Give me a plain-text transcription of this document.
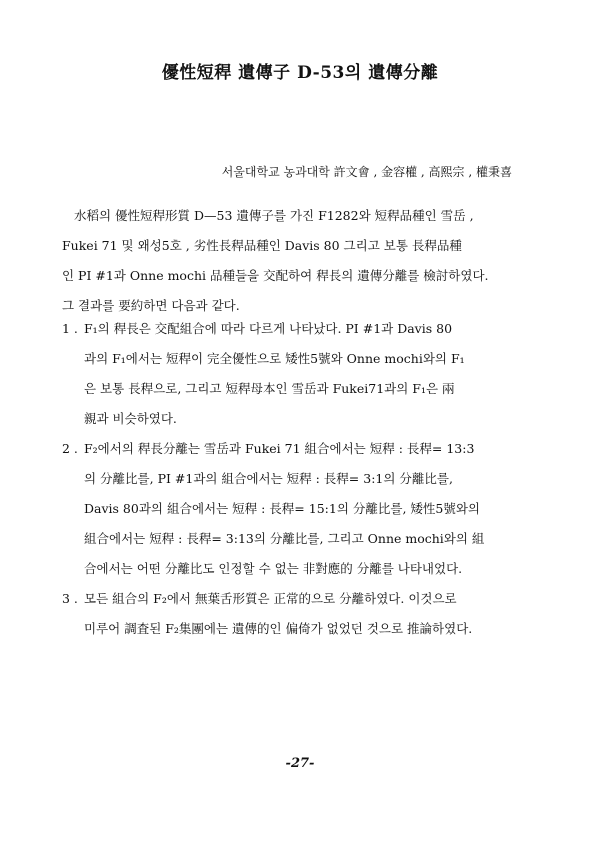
優性短稈 遺傳子 D-53의 遺傳分離
서울대학교 농과대학 許文會 , 金容權 , 高熙宗 , 權秉喜
水稻의 優性短稈形質 D—53 遺傳子를 가진 F1282와 短稈品種인 雪岳 ,
Fukei 71 및 왜성5호 , 劣性長稈品種인 Davis 80 그리고 보통 長稈品種
인 PI #1과 Onne mochi 品種들을 交配하여 稈長의 遺傳分離를 檢討하였다.
그 결과를 要約하면 다음과 같다.
1 . F₁의 稈長은 交配組合에 따라 다르게 나타났다. PI #1과 Davis 80
과의 F₁에서는 短稈이 完全優性으로 矮性5號와 Onne mochi와의 F₁
은 보통 長稈으로, 그리고 短稈母本인 雪岳과 Fukei71과의 F₁은 兩
親과 비슷하였다.
2 . F₂에서의 稈長分離는 雪岳과 Fukei 71 組合에서는 短稈 : 長稈= 13:3
의 分離比를, PI #1과의 組合에서는 短稈 : 長稈= 3:1의 分離比를,
Davis 80과의 組合에서는 短稈 : 長稈= 15:1의 分離比를, 矮性5號와의
組合에서는 短稈 : 長稈= 3:13의 分離比를, 그리고 Onne mochi와의 組
合에서는 어떤 分離比도 인정할 수 없는 非對應的 分離를 나타내었다.
3 . 모든 組合의 F₂에서 無葉舌形質은 正常的으로 分離하였다. 이것으로
미루어 調査된 F₂集團에는 遺傳的인 偏倚가 없었던 것으로 推論하였다.
-27-
